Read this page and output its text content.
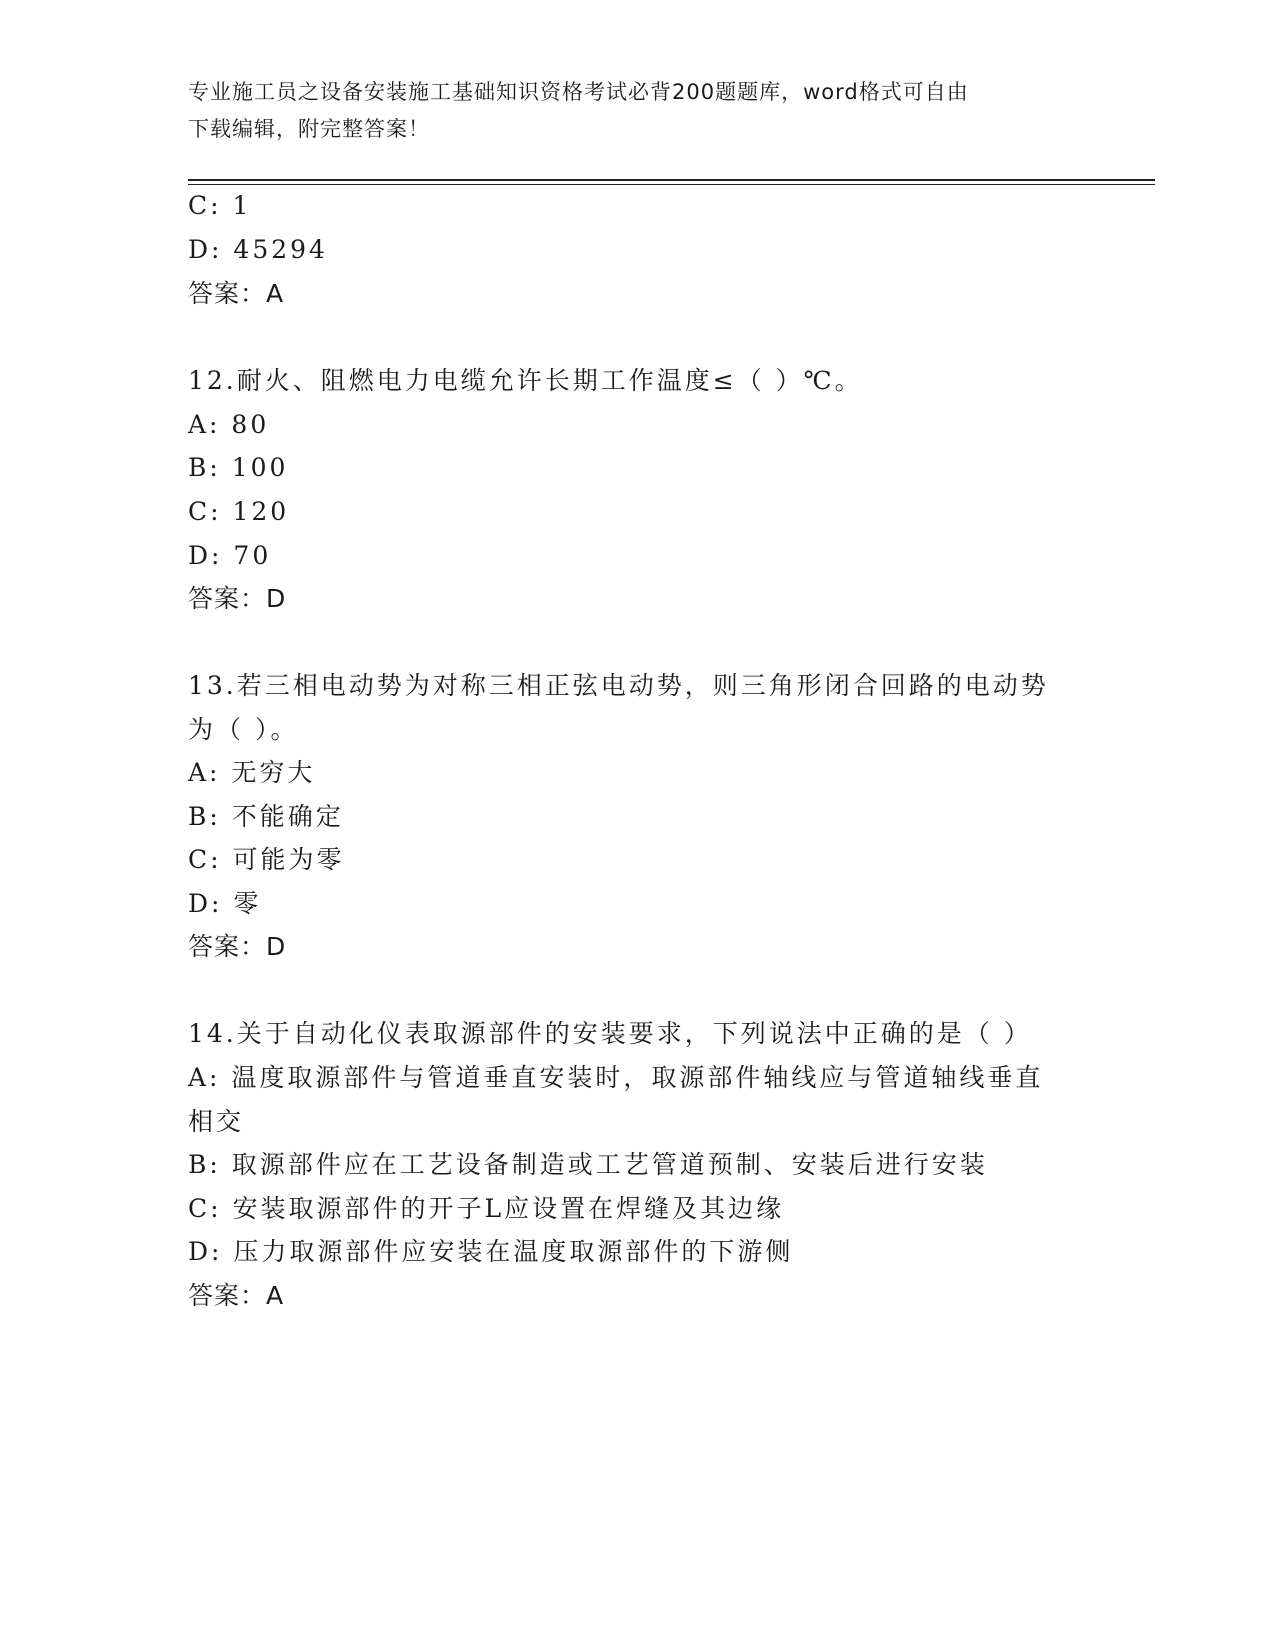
专业施工员之设备安装施工基础知识资格考试必背200题题库，word格式可自由
下载编辑，附完整答案！
C: 1
D: 45294
答案：A
12.耐火、阻燃电力电缆允许长期工作温度≤（ ）℃。
A: 80
B: 100
C: 120
D: 70
答案：D
13.若三相电动势为对称三相正弦电动势，则三角形闭合回路的电动势
为（ ）。
A: 无穷大
B: 不能确定
C: 可能为零
D: 零
答案：D
14.关于自动化仪表取源部件的安装要求，下列说法中正确的是（ ）
A: 温度取源部件与管道垂直安装时，取源部件轴线应与管道轴线垂直
相交
B: 取源部件应在工艺设备制造或工艺管道预制、安装后进行安装
C: 安装取源部件的开子L应设置在焊缝及其边缘
D: 压力取源部件应安装在温度取源部件的下游侧
答案：A
